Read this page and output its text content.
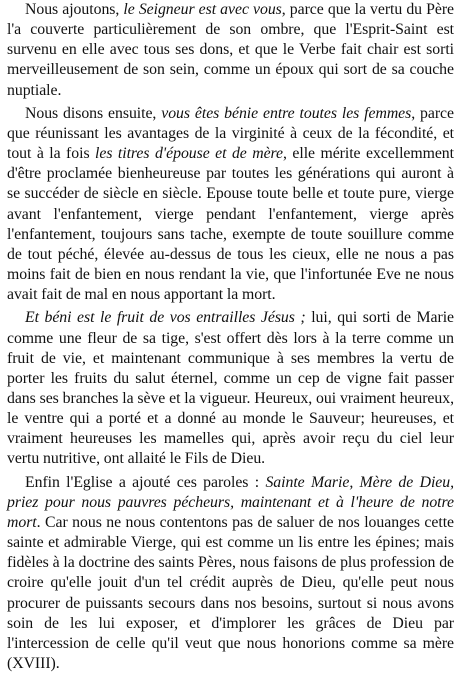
Nous ajoutons, le Seigneur est avec vous, parce que la vertu du Père l'a couverte particulièrement de son ombre, que l'Esprit-Saint est survenu en elle avec tous ses dons, et que le Verbe fait chair est sorti merveilleusement de son sein, comme un époux qui sort de sa couche nuptiale.

Nous disons ensuite, vous êtes bénie entre toutes les femmes, parce que réunissant les avantages de la virginité à ceux de la fécondité, et tout à la fois les titres d'épouse et de mère, elle mérite excellemment d'être proclamée bienheureuse par toutes les générations qui auront à se succéder de siècle en siècle. Epouse toute belle et toute pure, vierge avant l'enfantement, vierge pendant l'enfantement, vierge après l'enfantement, toujours sans tache, exempte de toute souillure comme de tout péché, élevée au-dessus de tous les cieux, elle ne nous a pas moins fait de bien en nous rendant la vie, que l'infortunée Eve ne nous avait fait de mal en nous apportant la mort.

Et béni est le fruit de vos entrailles Jésus ; lui, qui sorti de Marie comme une fleur de sa tige, s'est offert dès lors à la terre comme un fruit de vie, et maintenant communique à ses membres la vertu de porter les fruits du salut éternel, comme un cep de vigne fait passer dans ses branches la sève et la vigueur. Heureux, oui vraiment heureux, le ventre qui a porté et a donné au monde le Sauveur; heureuses, et vraiment heureuses les mamelles qui, après avoir reçu du ciel leur vertu nutritive, ont allaité le Fils de Dieu.

Enfin l'Eglise a ajouté ces paroles : Sainte Marie, Mère de Dieu, priez pour nous pauvres pécheurs, maintenant et à l'heure de notre mort. Car nous ne nous contentons pas de saluer de nos louanges cette sainte et admirable Vierge, qui est comme un lis entre les épines; mais fidèles à la doctrine des saints Pères, nous faisons de plus profession de croire qu'elle jouit d'un tel crédit auprès de Dieu, qu'elle peut nous procurer de puissants secours dans nos besoins, surtout si nous avons soin de les lui exposer, et d'implorer les grâces de Dieu par l'intercession de celle qu'il veut que nous honorions comme sa mère (XVIII).
